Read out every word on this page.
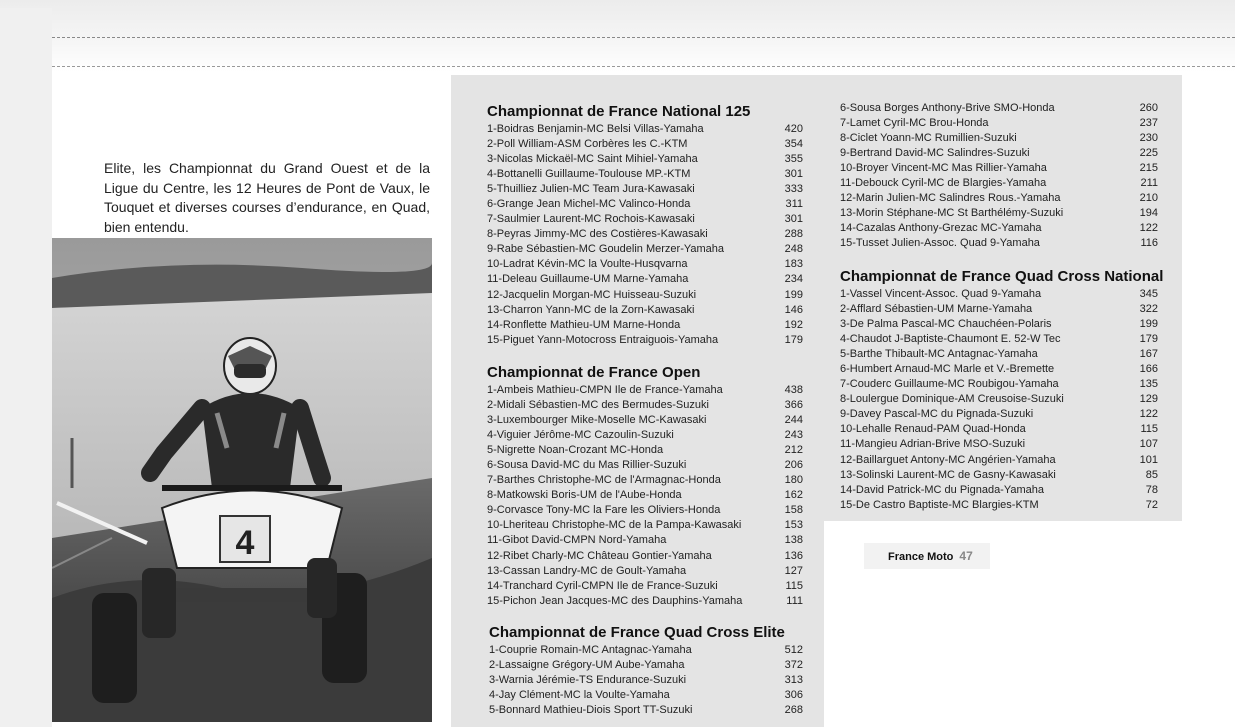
Elite, les Championnat du Grand Ouest et de la Ligue du Centre, les 12 Heures de Pont de Vaux, le Touquet et diverses courses d’endurance, en Quad, bien entendu.

4
Championnat de France National 125
1-Boidras Benjamin-MC Belsi Villas-Yamaha	420
2-Poll William-ASM Corbères les C.-KTM	354
3-Nicolas Mickaël-MC Saint Mihiel-Yamaha	355
4-Bottanelli Guillaume-Toulouse MP.-KTM	301
5-Thuilliez Julien-MC Team Jura-Kawasaki	333
6-Grange Jean Michel-MC Valinco-Honda	311
7-Saulmier Laurent-MC Rochois-Kawasaki	301
8-Peyras Jimmy-MC des Costières-Kawasaki	288
9-Rabe Sébastien-MC Goudelin Merzer-Yamaha	248
10-Ladrat Kévin-MC la Voulte-Husqvarna	183
11-Deleau Guillaume-UM Marne-Yamaha	234
12-Jacquelin Morgan-MC Huisseau-Suzuki	199
13-Charron Yann-MC de la Zorn-Kawasaki	146
14-Ronflette Mathieu-UM Marne-Honda	192
15-Piguet Yann-Motocross Entraiguois-Yamaha	179
Championnat de France Open
1-Ambeis Mathieu-CMPN Ile de France-Yamaha	438
2-Midali Sébastien-MC des Bermudes-Suzuki	366
3-Luxembourger Mike-Moselle MC-Kawasaki	244
4-Viguier Jérôme-MC Cazoulin-Suzuki	243
5-Nigrette Noan-Crozant MC-Honda	212
6-Sousa David-MC du Mas Rillier-Suzuki	206
7-Barthes Christophe-MC de l'Armagnac-Honda	180
8-Matkowski Boris-UM de l'Aube-Honda	162
9-Corvasce Tony-MC la Fare les Oliviers-Honda	158
10-Lheriteau Christophe-MC de la Pampa-Kawasaki	153
11-Gibot David-CMPN Nord-Yamaha	138
12-Ribet Charly-MC Château Gontier-Yamaha	136
13-Cassan Landry-MC de Goult-Yamaha	127
14-Tranchard Cyril-CMPN Ile de France-Suzuki	115
15-Pichon Jean Jacques-MC des Dauphins-Yamaha	111
Championnat de France Quad Cross Elite
1-Couprie Romain-MC Antagnac-Yamaha	512
2-Lassaigne Grégory-UM Aube-Yamaha	372
3-Warnia Jérémie-TS Endurance-Suzuki	313
4-Jay Clément-MC la Voulte-Yamaha	306
5-Bonnard Mathieu-Diois Sport TT-Suzuki	268
6-Sousa Borges Anthony-Brive SMO-Honda	260
7-Lamet Cyril-MC Brou-Honda	237
8-Ciclet Yoann-MC Rumillien-Suzuki	230
9-Bertrand David-MC Salindres-Suzuki	225
10-Broyer Vincent-MC Mas Rillier-Yamaha	215
11-Debouck Cyril-MC de Blargies-Yamaha	211
12-Marin Julien-MC Salindres Rous.-Yamaha	210
13-Morin Stéphane-MC St Barthélémy-Suzuki	194
14-Cazalas Anthony-Grezac MC-Yamaha	122
15-Tusset Julien-Assoc. Quad 9-Yamaha	116
Championnat de France Quad Cross National
1-Vassel Vincent-Assoc. Quad 9-Yamaha	345
2-Afflard Sébastien-UM Marne-Yamaha	322
3-De Palma Pascal-MC Chauchéen-Polaris	199
4-Chaudot J-Baptiste-Chaumont E. 52-W Tec	179
5-Barthe Thibault-MC Antagnac-Yamaha	167
6-Humbert Arnaud-MC Marle et V.-Bremette	166
7-Couderc Guillaume-MC Roubigou-Yamaha	135
8-Loulergue Dominique-AM Creusoise-Suzuki	129
9-Davey Pascal-MC du Pignada-Suzuki	122
10-Lehalle Renaud-PAM Quad-Honda	115
11-Mangieu Adrian-Brive MSO-Suzuki	107
12-Baillarguet Antony-MC Angérien-Yamaha	101
13-Solinski Laurent-MC de Gasny-Kawasaki	85
14-David Patrick-MC du Pignada-Yamaha	78
15-De Castro Baptiste-MC Blargies-KTM	72
France Moto 47
